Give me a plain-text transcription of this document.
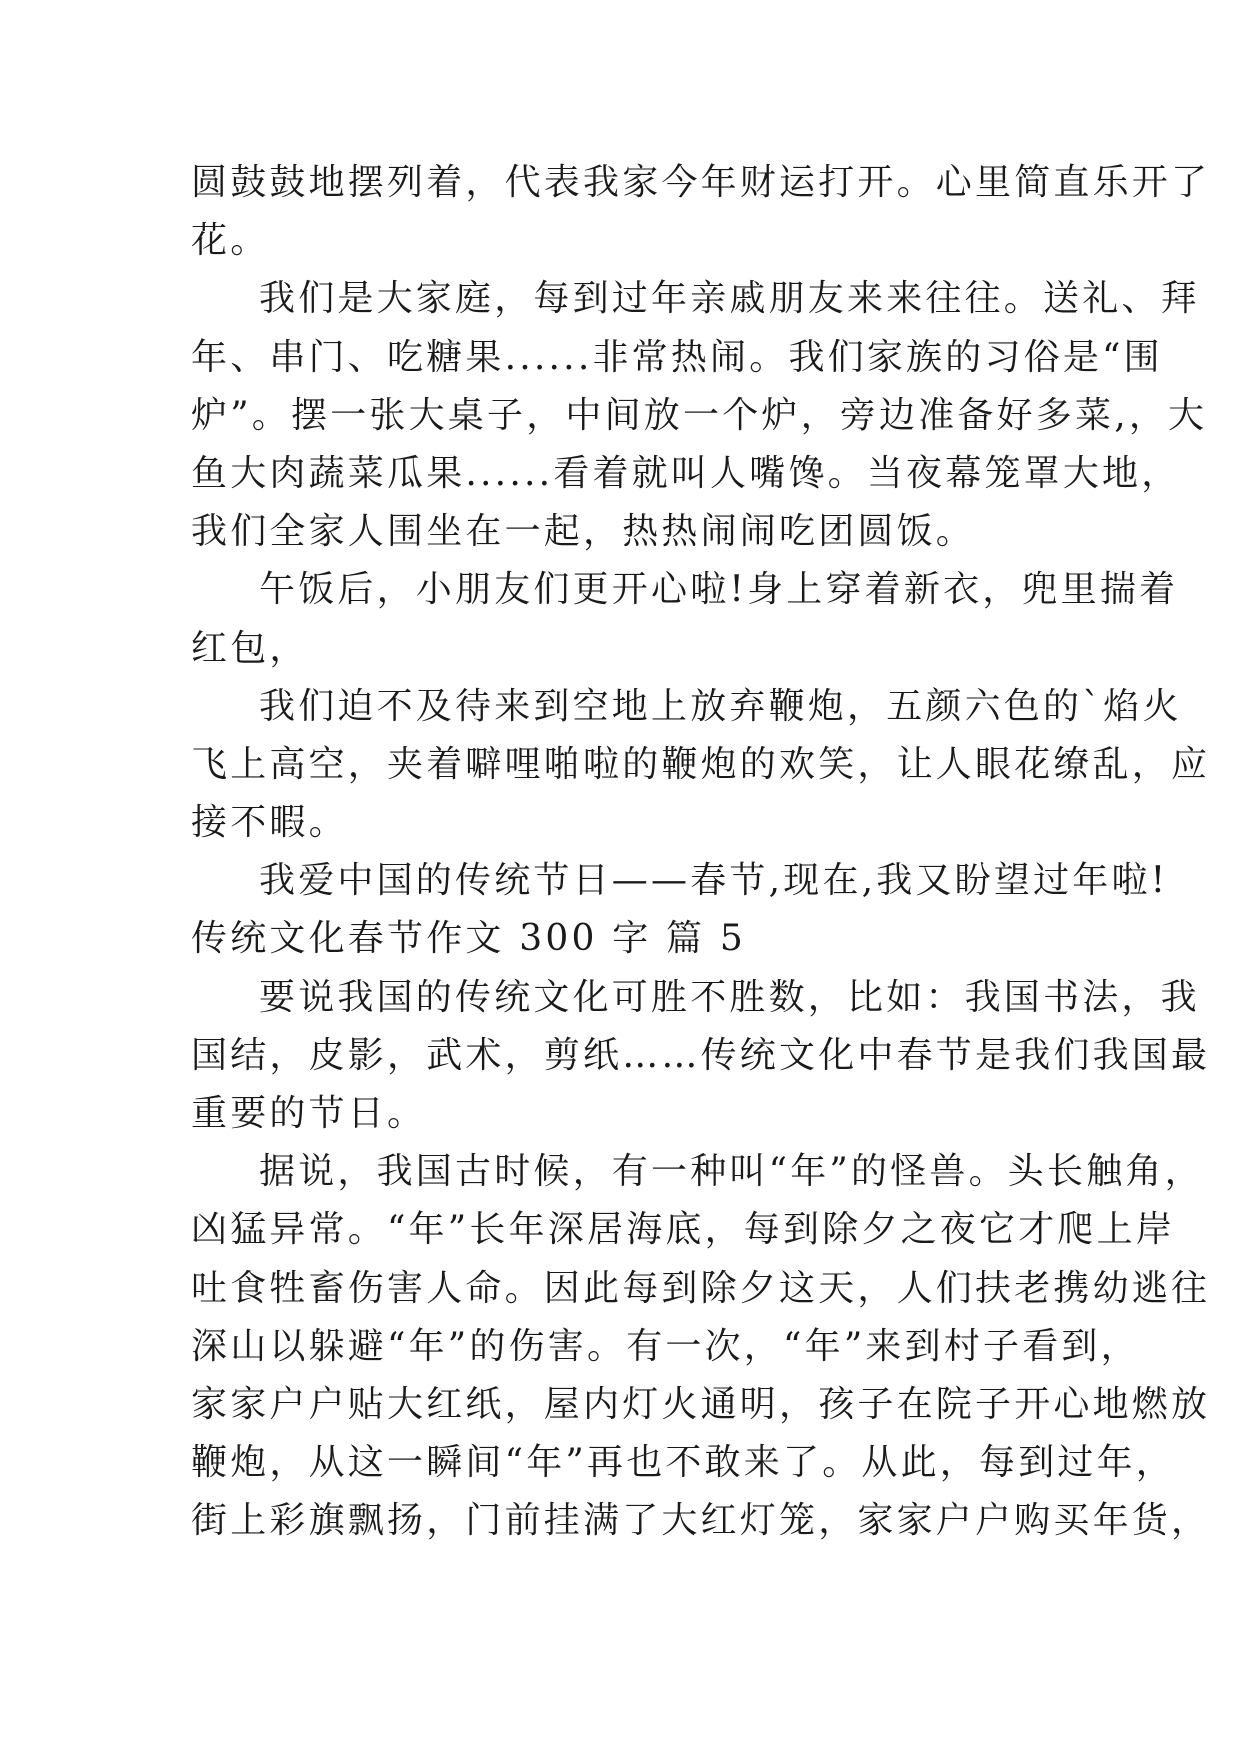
圆鼓鼓地摆列着，代表我家今年财运打开。心里简直乐开了
花。
我们是大家庭，每到过年亲戚朋友来来往往。送礼、拜
年、串门、吃糖果......非常热闹。我们家族的习俗是“围
炉”。摆一张大桌子，中间放一个炉，旁边准备好多菜,，大
鱼大肉蔬菜瓜果......看着就叫人嘴馋。当夜幕笼罩大地，
我们全家人围坐在一起，热热闹闹吃团圆饭。
午饭后，小朋友们更开心啦!身上穿着新衣，兜里揣着
红包，
我们迫不及待来到空地上放弃鞭炮，五颜六色的`焰火
飞上高空，夹着噼哩啪啦的鞭炮的欢笑，让人眼花缭乱，应
接不暇。
我爱中国的传统节日——春节,现在,我又盼望过年啦!
传统文化春节作文 300 字 篇 5
要说我国的传统文化可胜不胜数，比如：我国书法，我
国结，皮影，武术，剪纸……传统文化中春节是我们我国最
重要的节日。
据说，我国古时候，有一种叫“年”的怪兽。头长触角，
凶猛异常。“年”长年深居海底，每到除夕之夜它才爬上岸
吐食牲畜伤害人命。因此每到除夕这天，人们扶老携幼逃往
深山以躲避“年”的伤害。有一次，“年”来到村子看到，
家家户户贴大红纸，屋内灯火通明，孩子在院子开心地燃放
鞭炮，从这一瞬间“年”再也不敢来了。从此，每到过年，
街上彩旗飘扬，门前挂满了大红灯笼，家家户户购买年货，
